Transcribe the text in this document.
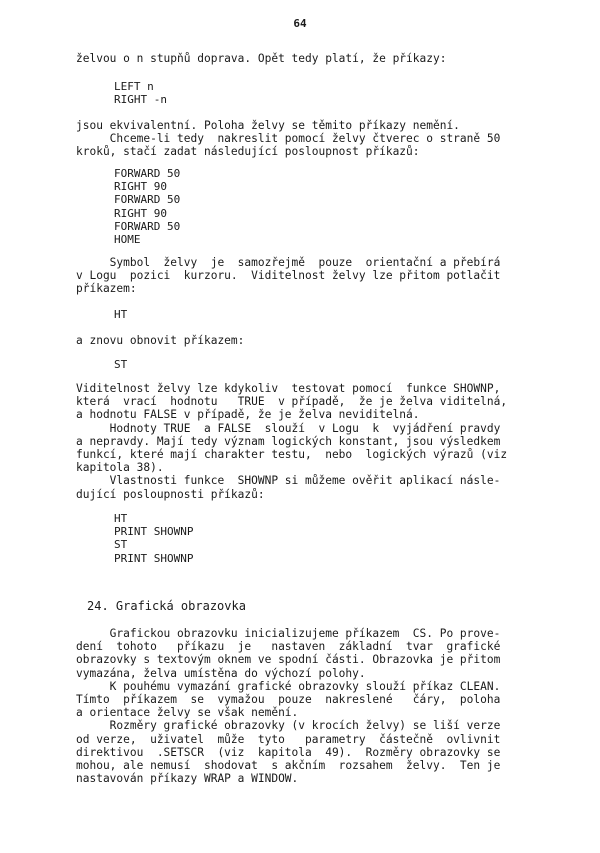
64
želvou o n stupňů doprava. Opět tedy platí, že příkazy:
LEFT n
RIGHT -n
jsou ekvivalentní. Poloha želvy se těmito příkazy nemění.
Chceme-li tedy  nakreslit pomocí želvy čtverec o straně 50
kroků, stačí zadat následující posloupnost příkazů:
FORWARD 50
RIGHT 90
FORWARD 50
RIGHT 90
FORWARD 50
HOME
Symbol  želvy  je  samozřejmě  pouze  orientační a přebírá
v Logu  pozici  kurzoru.  Viditelnost želvy lze přitom potlačit
příkazem:
HT
a znovu obnovit příkazem:
ST
Viditelnost želvy lze kdykoliv  testovat pomocí  funkce SHOWNP,
která  vrací  hodnotu   TRUE  v případě,  že je želva viditelná,
a hodnotu FALSE v případě, že je želva neviditelná.
Hodnoty TRUE  a FALSE  slouží  v Logu  k  vyjádření pravdy
a nepravdy. Mají tedy význam logických konstant, jsou výsledkem
funkcí, které mají charakter testu,  nebo  logických výrazů (viz
kapitola 38).
Vlastnosti funkce  SHOWNP si můžeme ověřit aplikací násle-
dující posloupnosti příkazů:
HT
PRINT SHOWNP
ST
PRINT SHOWNP
24. Grafická obrazovka
Grafickou obrazovku inicializujeme příkazem  CS. Po prove-
dení  tohoto   příkazu  je   nastaven  základní  tvar  grafické
obrazovky s textovým oknem ve spodní části. Obrazovka je přitom
vymazána, želva umístěna do výchozí polohy.
K pouhému vymazání grafické obrazovky slouží příkaz CLEAN.
Tímto  příkazem  se  vymažou  pouze  nakreslené   čáry,  poloha
a orientace želvy se však nemění.
Rozměry grafické obrazovky (v krocích želvy) se liší verze
od verze,  uživatel  může  tyto   parametry  částečně  ovlivnit
direktivou  .SETSCR  (viz  kapitola  49).  Rozměry obrazovky se
mohou, ale nemusí  shodovat  s akčním  rozsahem  želvy.  Ten je
nastavován příkazy WRAP a WINDOW.
